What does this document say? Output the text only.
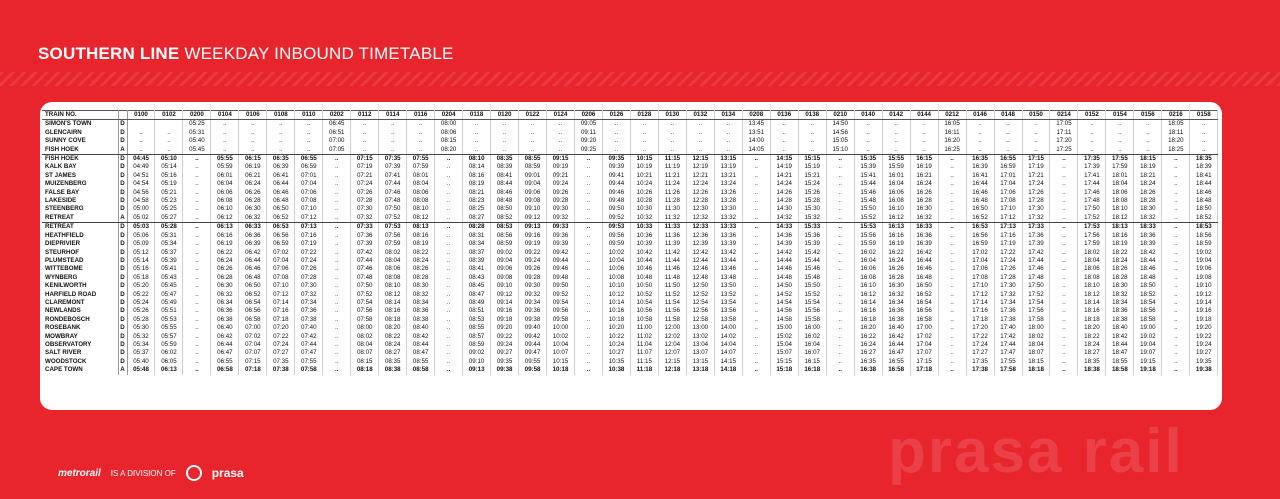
SOUTHERN LINE WEEKDAY INBOUND TIMETABLE
TRAIN NO.		0100	0102	0200	0104	0106	0108	0110	0202	0112	0114	0116	0204	0118	0120	0122	0124	0206	0126	0128	0130	0132	0134	0208	0136	0138	0210	0140	0142	0144	0212	0146	0148	0150	0214	0152	0154	0156	0216	0158
SIMON'S TOWN	D			05:25	..	..	..	..	06:45	..	..	..	08:00	..	..	..	..	09:05	..	..	..	..	..	13:45	..	..	14:50	..	..	..	16:05	..	..	..	17:05	..	..	..	18:05	..
GLENCAIRN	D	..	..	05:31	..	..	..	..	06:51	..	..	..	08:06	..	..	..	..	09:11	..	..	..	..	..	13:51	..	..	14:56	..	..	..	16:11	..	..	..	17:11	..	..	..	18:11	..
SUNNY COVE	D	..	..	05:40	..	..	..	..	07:00	..	..	..	08:15	..	..	..	..	09:20	..	..	..	..	..	14:00	..	..	15:05	..	..	..	16:20	..	..	..	17:20	..	..	..	18:20	..
FISH HOEK	A	..	..	05:45	..	..	..	..	07:05	..	..	..	08:20	..	..	..	..	09:25	..	..	..	..	..	14:05	..	..	15:10	..	..	..	16:25	..	..	..	17:25	..	..	..	18:25	..
FISH HOEK	D	04:45	05:10	..	05:55	06:15	06:35	06:55	..	07:15	07:35	07:55	..	08:10	08:35	08:55	09:15	..	09:35	10:15	11:15	12:15	13:15	..	14:15	15:15	..	15:35	15:55	16:15	..	16:35	16:55	17:15	..	17:35	17:55	18:15	..	18:35
KALK BAY	D	04:49	05:14	..	05:59	06:19	06:39	06:59	..	07:19	07:39	07:59	..	08:14	08:39	08:59	09:19	..	09:39	10:19	11:19	12:19	13:19	..	14:19	15:19	..	15:39	15:59	16:19	..	16:39	16:59	17:19	..	17:39	17:59	18:19	..	18:39
ST JAMES	D	04:51	05:16	..	06:01	06:21	06:41	07:01	..	07:21	07:41	08:01	..	08:16	08:41	09:01	09:21	..	09:41	10:21	11:21	12:21	13:21	..	14:21	15:21	..	15:41	16:01	16:21	..	16:41	17:01	17:21	..	17:41	18:01	18:21	..	18:41
MUIZENBERG	D	04:54	05:19	..	06:04	06:24	06:44	07:04	..	07:24	07:44	08:04	..	08:19	08:44	09:04	09:24	..	09:44	10:24	11:24	12:24	13:24	..	14:24	15:24	..	15:44	16:04	16:24	..	16:44	17:04	17:24	..	17:44	18:04	18:24	..	18:44
FALSE BAY	D	04:56	05:21	..	06:06	06:26	06:46	07:06	..	07:26	07:46	08:06	..	08:21	08:46	09:06	09:26	..	09:46	10:26	11:26	12:26	13:26	..	14:26	15:26	..	15:46	16:06	16:26	..	16:46	17:06	17:26	..	17:46	18:06	18:26	..	18:46
LAKESIDE	D	04:58	05:23	..	06:08	06:28	06:48	07:08	..	07:28	07:48	08:08	..	08:23	08:48	09:08	09:28	..	09:48	10:28	11:28	12:28	13:28	..	14:28	15:28	..	15:48	16:08	16:28	..	16:48	17:08	17:28	..	17:48	18:08	18:28	..	18:48
STEENBERG	D	05:00	05:25	..	06:10	06:30	06:50	07:10	..	07:30	07:50	08:10	..	08:25	08:50	09:10	09:30	..	09:50	10:30	11:30	12:30	13:30	..	14:30	15:30	..	15:50	16:10	16:30	..	16:50	17:10	17:30	..	17:50	18:10	18:30	..	18:50
RETREAT	A	05:02	05:27	..	06:12	06:32	06:52	07:12	..	07:32	07:52	08:12	..	08:27	08:52	09:12	09:32	..	09:52	10:32	11:32	12:32	13:32	..	14:32	15:32	..	15:52	16:12	16:32	..	16:52	17:12	17:32	..	17:52	18:12	18:32	..	18:52
RETREAT	D	05:03	05:28	..	06:13	06:33	06:53	07:13	..	07:33	07:53	08:13	..	08:28	08:53	09:13	09:33	..	09:53	10:33	11:33	12:33	13:33	..	14:33	15:33	..	15:53	16:13	16:33	..	16:53	17:13	17:33	..	17:53	18:13	18:33	..	18:53
HEATHFIELD	D	05:06	05:31	..	06:16	06:36	06:56	07:16	..	07:36	07:56	08:16	..	08:31	08:56	09:16	09:36	..	09:56	10:36	11:36	12:36	13:36	..	14:36	15:36	..	15:56	16:16	16:36	..	16:56	17:16	17:36	..	17:56	18:16	18:36	..	18:56
DIEPRIVIER	D	05:09	05:34	..	06:19	06:39	06:59	07:19	..	07:39	07:59	08:19	..	08:34	08:59	09:19	09:39	..	09:59	10:39	11:39	12:39	13:39	..	14:39	15:39	..	15:59	16:19	16:39	..	16:59	17:19	17:39	..	17:59	18:19	18:39	..	18:59
STEURHOF	D	05:12	05:37	..	06:22	06:42	07:02	07:22	..	07:42	08:02	08:22	..	08:37	09:02	09:22	09:42	..	10:02	10:42	11:42	12:42	13:42	..	14:42	15:42	..	16:02	16:22	16:42	..	17:02	17:22	17:42	..	18:02	18:22	18:42	..	19:02
PLUMSTEAD	D	05:14	05:39	..	06:24	06:44	07:04	07:24	..	07:44	08:04	08:24	..	08:39	09:04	09:24	09:44	..	10:04	10:44	11:44	12:44	13:44	..	14:44	15:44	..	16:04	16:24	16:44	..	17:04	17:24	17:44	..	18:04	18:24	18:44	..	19:04
WITTEBOME	D	05:16	05:41	..	06:26	06:46	07:06	07:26	..	07:46	08:06	08:26	..	08:41	09:06	09:26	09:46	..	10:06	10:46	11:46	12:46	13:46	..	14:46	15:46	..	16:06	16:26	16:46	..	17:06	17:26	17:46	..	18:06	18:26	18:46	..	19:06
WYNBERG	D	05:18	05:43	..	06:28	06:48	07:08	07:28	..	07:48	08:08	08:28	..	08:43	09:08	09:28	09:48	..	10:08	10:48	11:48	12:48	13:48	..	14:48	15:48	..	16:08	16:28	16:48	..	17:08	17:28	17:48	..	18:08	18:28	18:48	..	19:08
KENILWORTH	D	05:20	05:45	..	06:30	06:50	07:10	07:30	..	07:50	08:10	08:30	..	08:45	09:10	09:30	09:50	..	10:10	10:50	11:50	12:50	13:50	..	14:50	15:50	..	16:10	16:30	16:50	..	17:10	17:30	17:50	..	18:10	18:30	18:50	..	19:10
HARFIELD ROAD	D	05:22	05:47	..	06:32	06:52	07:12	07:32	..	07:52	08:12	08:32	..	08:47	09:12	09:32	09:52	..	10:12	10:52	11:52	12:52	13:52	..	14:52	15:52	..	16:12	16:32	16:52	..	17:12	17:32	17:52	..	18:12	18:32	18:52	..	19:12
CLAREMONT	D	05:24	05:49	..	06:34	06:54	07:14	07:34	..	07:54	08:14	08:34	..	08:49	09:14	09:34	09:54	..	10:14	10:54	11:54	12:54	13:54	..	14:54	15:54	..	16:14	16:34	16:54	..	17:14	17:34	17:54	..	18:14	18:34	18:54	..	19:14
NEWLANDS	D	05:26	05:51	..	06:36	06:56	07:16	07:36	..	07:56	08:16	08:36	..	08:51	09:16	09:36	09:56	..	10:16	10:56	11:56	12:56	13:56	..	14:56	15:56	..	16:16	16:36	16:56	..	17:16	17:36	17:56	..	18:16	18:36	18:56	..	19:16
RONDEBOSCH	D	05:28	05:53	..	06:38	06:58	07:18	07:38	..	07:58	08:18	08:38	..	08:53	09:18	09:38	09:58	..	10:18	10:58	11:58	12:58	13:58	..	14:58	15:58	..	16:18	16:38	16:58	..	17:18	17:38	17:58	..	18:18	18:38	18:58	..	19:18
ROSEBANK	D	05:30	05:55	..	06:40	07:00	07:20	07:40	..	08:00	08:20	08:40	..	08:55	09:20	09:40	10:00	..	10:20	11:00	12:00	13:00	14:00	..	15:00	16:00	..	16:20	16:40	17:00	..	17:20	17:40	18:00	..	18:20	18:40	19:00	..	19:20
MOWBRAY	D	05:32	05:57	..	06:42	07:02	07:22	07:42	..	08:02	08:22	08:42	..	08:57	09:22	09:42	10:02	..	10:22	11:02	12:02	13:02	14:02	..	15:02	16:02	..	16:22	16:42	17:02	..	17:22	17:42	18:02	..	18:22	18:42	19:02	..	19:22
OBSERVATORY	D	05:34	05:59	..	06:44	07:04	07:24	07:44	..	08:04	08:24	08:44	..	08:59	09:24	09:44	10:04	..	10:24	11:04	12:04	13:04	14:04	..	15:04	16:04	..	16:24	16:44	17:04	..	17:24	17:44	18:04	..	18:24	18:44	19:04	..	19:24
SALT RIVER	D	05:37	06:02	..	06:47	07:07	07:27	07:47	..	08:07	08:27	08:47	..	09:02	09:27	09:47	10:07	..	10:27	11:07	12:07	13:07	14:07	..	15:07	16:07	..	16:27	16:47	17:07	..	17:27	17:47	18:07	..	18:27	18:47	19:07	..	19:27
WOODSTOCK	D	05:40	06:05	..	06:55	07:15	07:35	07:55	..	08:15	08:35	08:55	..	09:10	09:35	09:55	10:15	..	10:35	11:15	12:15	13:15	14:15	..	15:15	16:15	..	16:35	16:55	17:15	..	17:35	17:55	18:15	..	18:35	18:55	19:15	..	19:35
CAPE TOWN	A	05:48	06:13	..	06:58	07:18	07:38	07:58	..	08:18	08:38	08:58	..	09:13	09:38	09:58	10:18	..	10:38	11:18	12:18	13:18	14:18	..	15:18	16:18	..	16:38	16:58	17:18	..	17:38	17:58	18:18	..	18:38	18:58	19:18	..	19:38
prasa rail
metrorail IS A DIVISION OF	prasa
